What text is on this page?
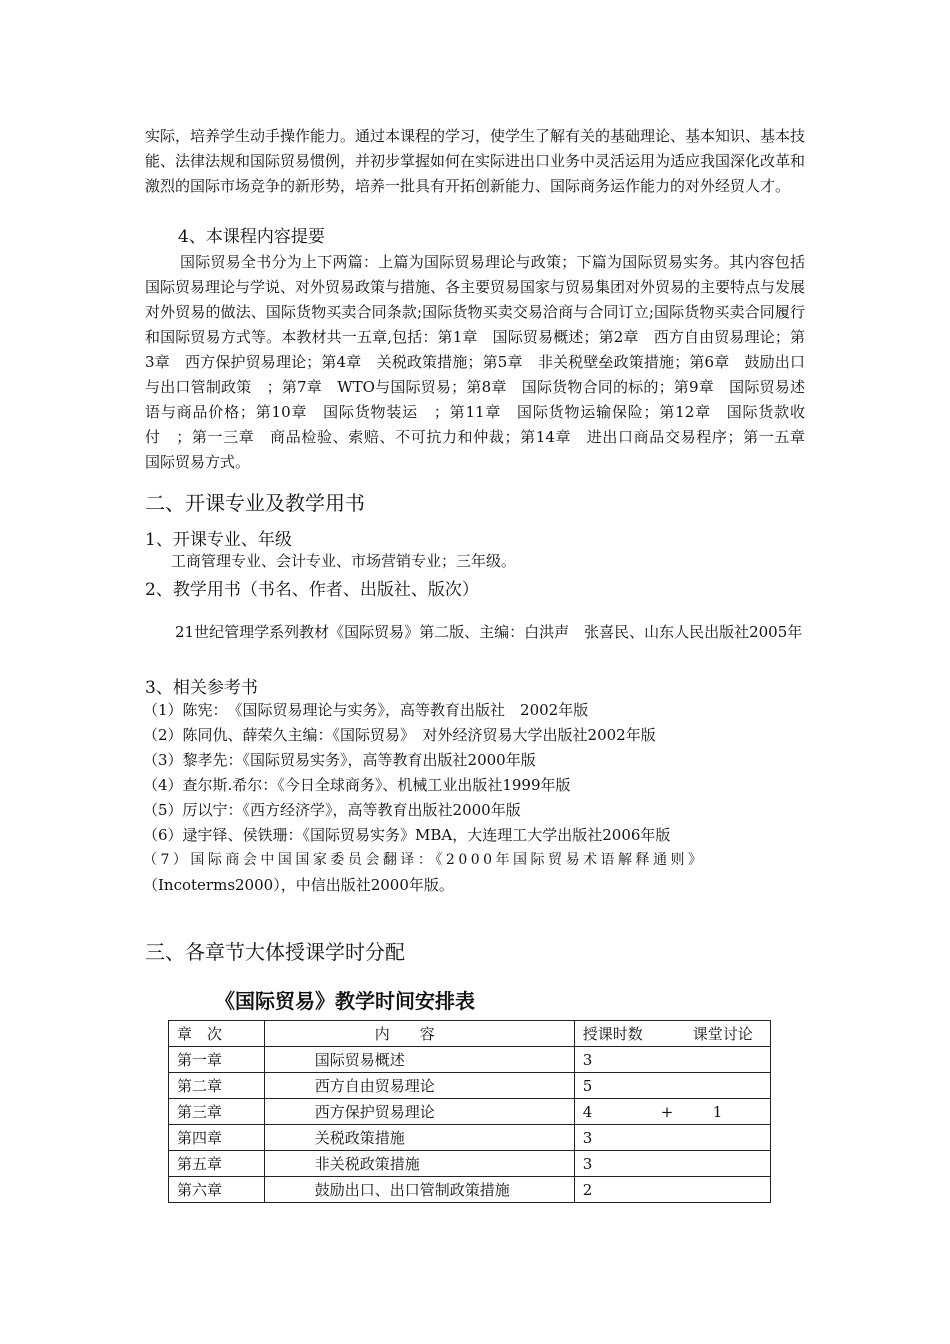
实际，培养学生动手操作能力。通过本课程的学习，使学生了解有关的基础理论、基本知识、基本技能、法律法规和国际贸易惯例，并初步掌握如何在实际进出口业务中灵活运用为适应我国深化改革和激烈的国际市场竞争的新形势，培养一批具有开拓创新能力、国际商务运作能力的对外经贸人才。

4、本课程内容提要

国际贸易全书分为上下两篇：上篇为国际贸易理论与政策；下篇为国际贸易实务。其内容包括国际贸易理论与学说、对外贸易政策与措施、各主要贸易国家与贸易集团对外贸易的主要特点与发展对外贸易的做法、国际货物买卖合同条款;国际货物买卖交易洽商与合同订立;国际货物买卖合同履行和国际贸易方式等。本教材共一五章,包括：第1章　国际贸易概述；第2章　西方自由贸易理论；第3章　西方保护贸易理论；第4章　关税政策措施；第5章　非关税壁垒政策措施；第6章　鼓励出口与出口管制政策　；第7章　WTO与国际贸易；第8章　国际货物合同的标的；第9章　国际贸易述语与商品价格；第10章　国际货物装运　；第11章　国际货物运输保险；第12章　国际货款收付　；第一三章　商品检验、索赔、不可抗力和仲裁；第14章　进出口商品交易程序；第一五章　国际贸易方式。

二、开课专业及教学用书

1、开课专业、年级

工商管理专业、会计专业、市场营销专业；三年级。

2、教学用书（书名、作者、出版社、版次）

21世纪管理学系列教材《国际贸易》第二版、主编：白洪声　张喜民、山东人民出版社2005年

3、相关参考书

（1）陈宪：　《国际贸易理论与实务》，高等教育出版社　2002年版

（2）陈同仇、薛荣久主编：《国际贸易》　对外经济贸易大学出版社2002年版

（3）黎孝先：《国际贸易实务》，高等教育出版社2000年版

（4）查尔斯.希尔：《今日全球商务》、机械工业出版社1999年版

（5）厉以宁：《西方经济学》，高等教育出版社2000年版

（6）逯宇铎、侯铁珊：《国际贸易实务》MBA，大连理工大学出版社2006年版

（7）国际商会中国国家委员会翻译：《2000年国际贸易术语解释通则》

（Incoterms2000），中信出版社2000年版。

三、各章节大体授课学时分配

《国际贸易》教学时间安排表

章　次	内　　容	授课时数 课堂讨论
第一章	国际贸易概述	3
第二章	西方自由贸易理论	5
第三章	西方保护贸易理论	4 + 1
第四章	关税政策措施	3
第五章	非关税政策措施	3
第六章	鼓励出口、出口管制政策措施	2
